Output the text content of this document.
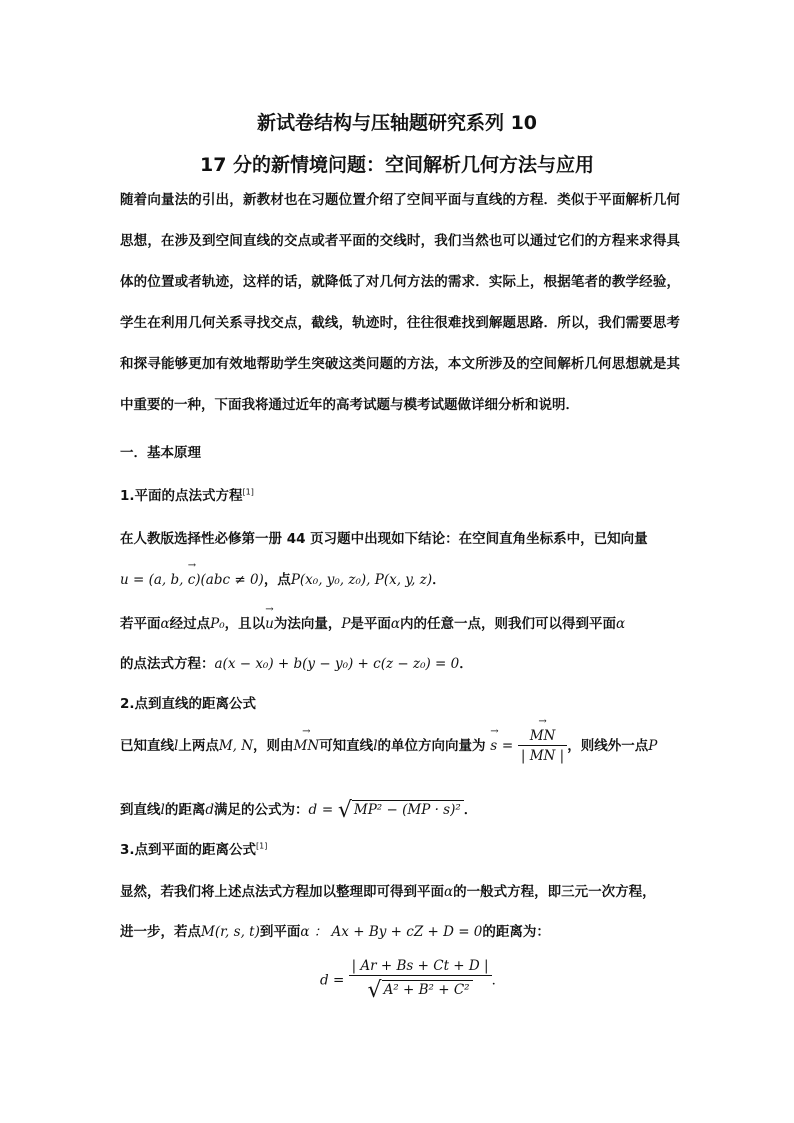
新试卷结构与压轴题研究系列 10
17 分的新情境问题：空间解析几何方法与应用
随着向量法的引出，新教材也在习题位置介绍了空间平面与直线的方程．类似于平面解析几何思想，在涉及到空间直线的交点或者平面的交线时，我们当然也可以通过它们的方程来求得具体的位置或者轨迹，这样的话，就降低了对几何方法的需求．实际上，根据笔者的教学经验，学生在利用几何关系寻找交点，截线，轨迹时，往往很难找到解题思路．所以，我们需要思考和探寻能够更加有效地帮助学生突破这类问题的方法，本文所涉及的空间解析几何思想就是其中重要的一种，下面我将通过近年的高考试题与模考试题做详细分析和说明．
一．基本原理
1.平面的点法式方程[1]
在人教版选择性必修第一册 44 页习题中出现如下结论：在空间直角坐标系中，已知向量
→ u = (a, b, c)(abc ≠ 0)，点P(x₀, y₀, z₀), P(x, y, z)．
若平面α经过点P₀，且以→ u为法向量，P是平面α内的任意一点，则我们可以得到平面α
的点法式方程：a(x − x₀) + b(y − y₀) + c(z − z₀) = 0．
2.点到直线的距离公式
已知直线l上两点M, N，则由→ MN可知直线l的单位方向向量为 → s = → $\frac{MN}{| MN |}$ ，则线外一点P
到直线l的距离d满足的公式为：d = √ MP² − (MP · s)² ．
3.点到平面的距离公式[1]
显然，若我们将上述点法式方程加以整理即可得到平面α的一般式方程，即三元一次方程，
进一步，若点M(r, s, t)到平面α ： Ax + By + cZ + D = 0的距离为：
$d = \frac{| Ar + Bs + Ct + D |}{\text{√ A² + B² + C²}}$ ．
